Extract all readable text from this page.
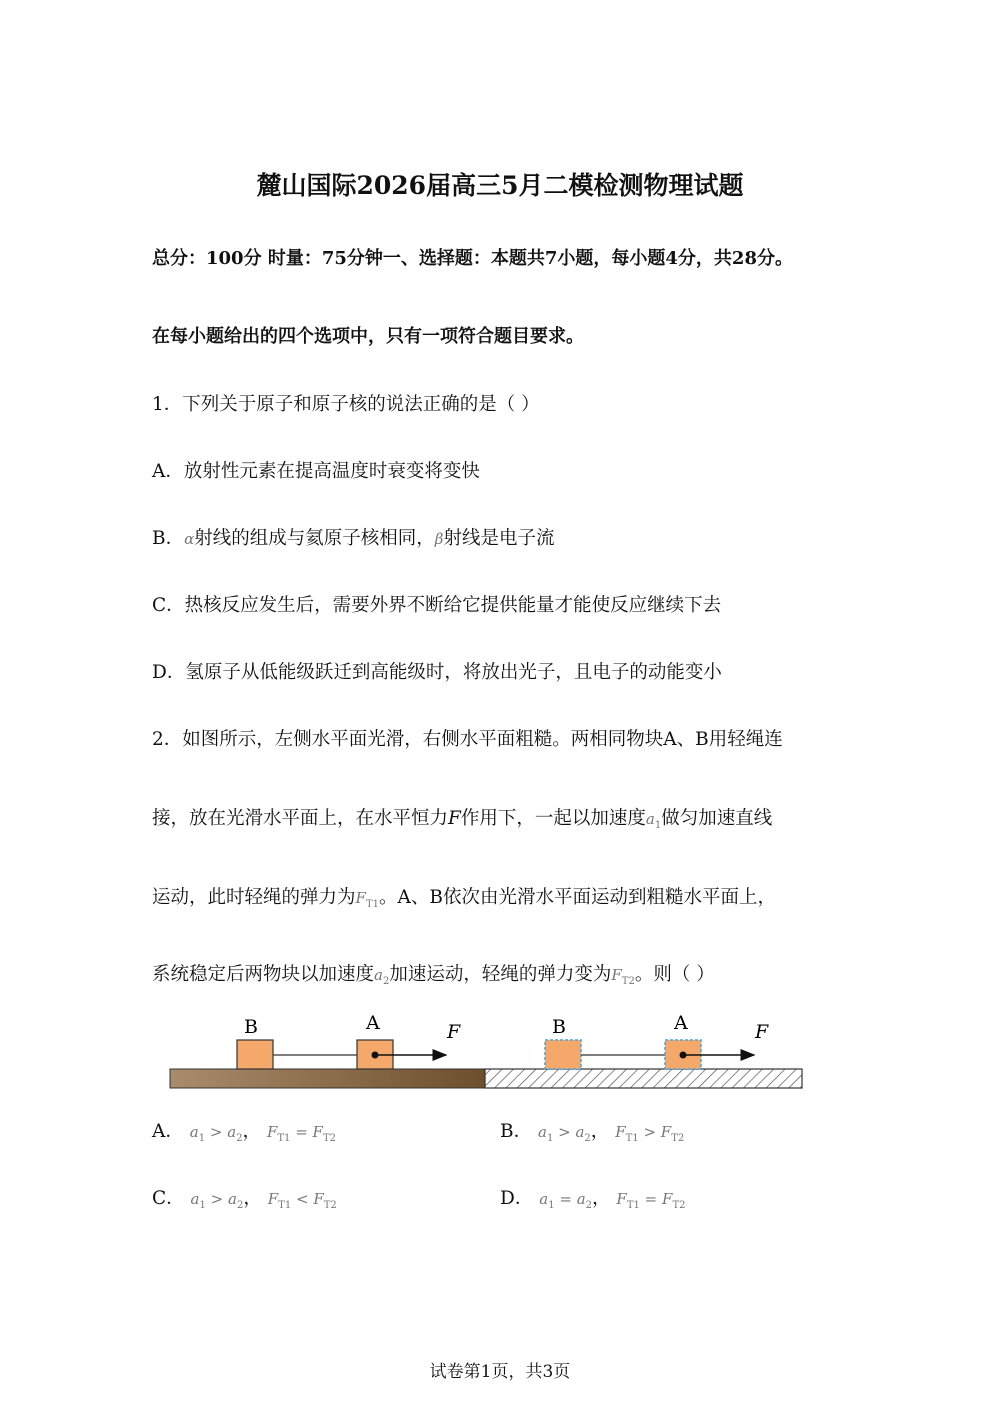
麓山国际2026届高三5月二模检测物理试题
总分：100分 时量：75分钟一、选择题：本题共7小题，每小题4分，共28分。
在每小题给出的四个选项中，只有一项符合题目要求。
1．下列关于原子和原子核的说法正确的是（ ）
A．放射性元素在提高温度时衰变将变快
B．α射线的组成与氦原子核相同，β射线是电子流
C．热核反应发生后，需要外界不断给它提供能量才能使反应继续下去
D．氢原子从低能级跃迁到高能级时，将放出光子，且电子的动能变小
2．如图所示，左侧水平面光滑，右侧水平面粗糙。两相同物块A、B用轻绳连
接，放在光滑水平面上，在水平恒力F作用下，一起以加速度$a_1$做匀加速直线
运动，此时轻绳的弹力为$F_{T1}$。A、B依次由光滑水平面运动到粗糙水平面上，
系统稳定后两物块以加速度$a_2$加速运动，轻绳的弹力变为$F_{T2}$。则（ ）
B	A	F	B	A	F
A． $a_1 > a_2$， $F_{T1} = F_{T2}$	B． $a_1 > a_2$， $F_{T1} > F_{T2}$
C． $a_1 > a_2$， $F_{T1} < F_{T2}$	D． $a_1 = a_2$， $F_{T1} = F_{T2}$
试卷第1页，共3页
